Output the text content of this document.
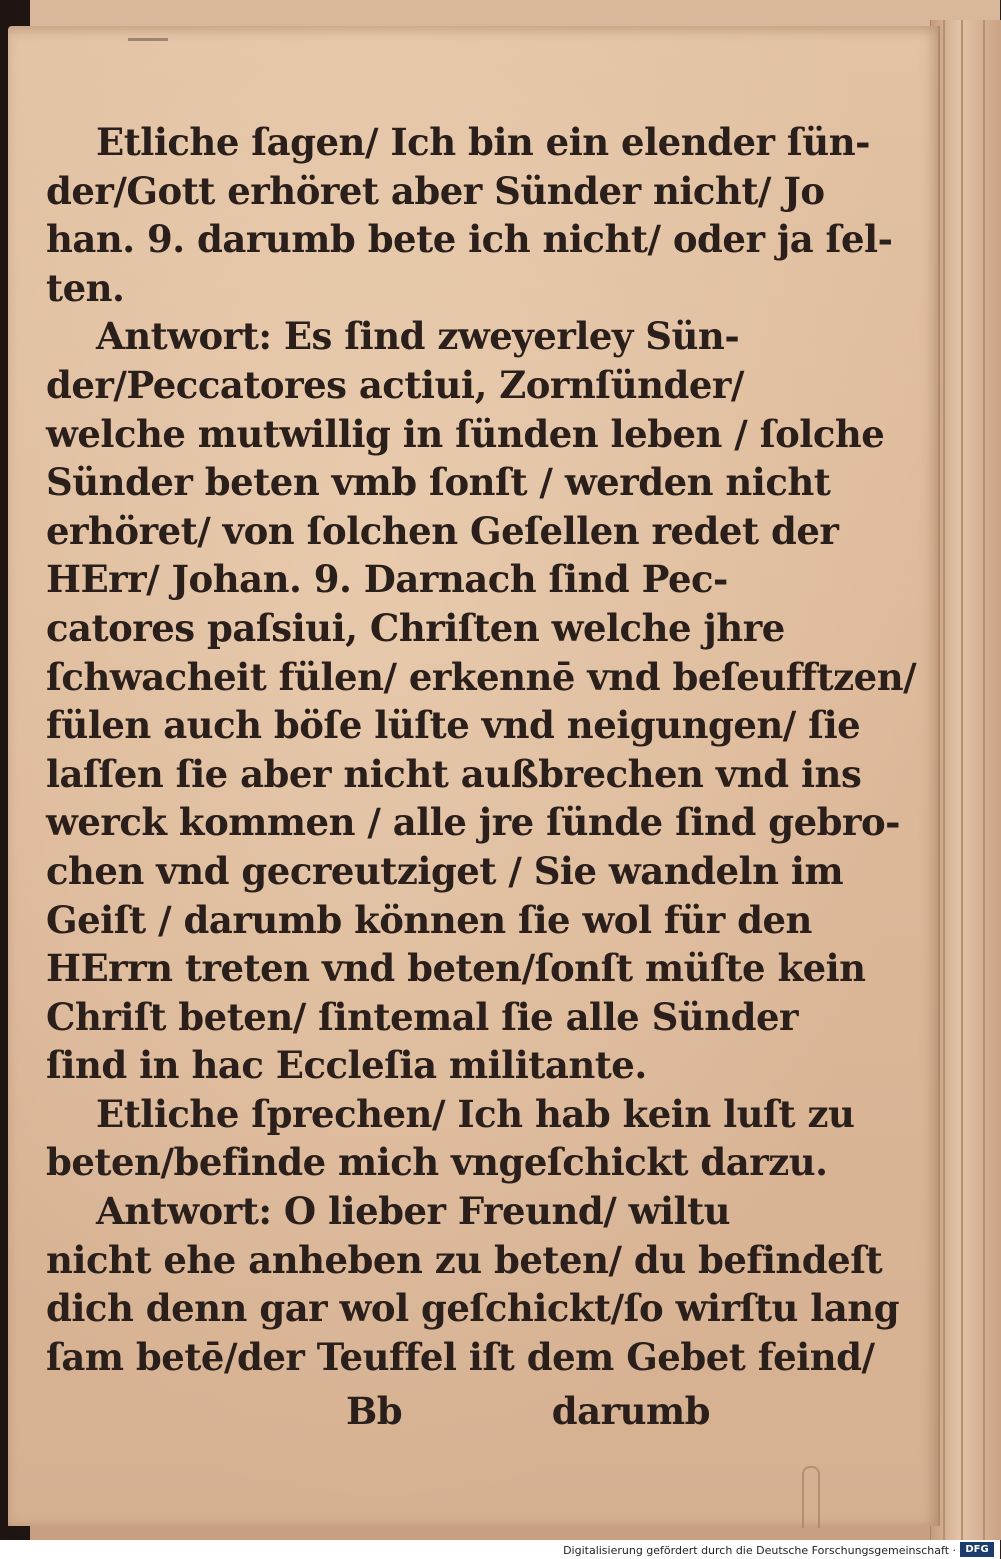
Etliche ſagen/ Ich bin ein elender ſün-
der/Gott erhöret aber Sünder nicht/ Jo
han. 9. darumb bete ich nicht/ oder ja ſel-
ten.
Antwort: Es ſind zweyerley Sün-
der/Peccatores actiui, Zornſünder/
welche mutwillig in ſünden leben / ſolche
Sünder beten vmb ſonſt / werden nicht
erhöret/ von ſolchen Geſellen redet der
HErr/ Johan. 9. Darnach ſind Pec-
catores paſsiui, Chriſten welche jhre
ſchwacheit fülen/ erkennē vnd beſeufftzen/
fülen auch böſe lüſte vnd neigungen/ ſie
laſſen ſie aber nicht außbrechen vnd ins
werck kommen / alle jre ſünde ſind gebro-
chen vnd gecreutziget / Sie wandeln im
Geiſt / darumb können ſie wol für den
HErrn treten vnd beten/ſonſt müſte kein
Chriſt beten/ ſintemal ſie alle Sünder
ſind in hac Eccleſia militante.
Etliche ſprechen/ Ich hab kein luſt zu
beten/befinde mich vngeſchickt darzu.
Antwort: O lieber Freund/ wiltu
nicht ehe anheben zu beten/ du befindeſt
dich denn gar wol geſchickt/ſo wirſtu lang
ſam betē/der Teuffel iſt dem Gebet feind/
Bb	darumb
Digitalisierung gefördert durch die Deutsche Forschungsgemeinschaft · DFG
